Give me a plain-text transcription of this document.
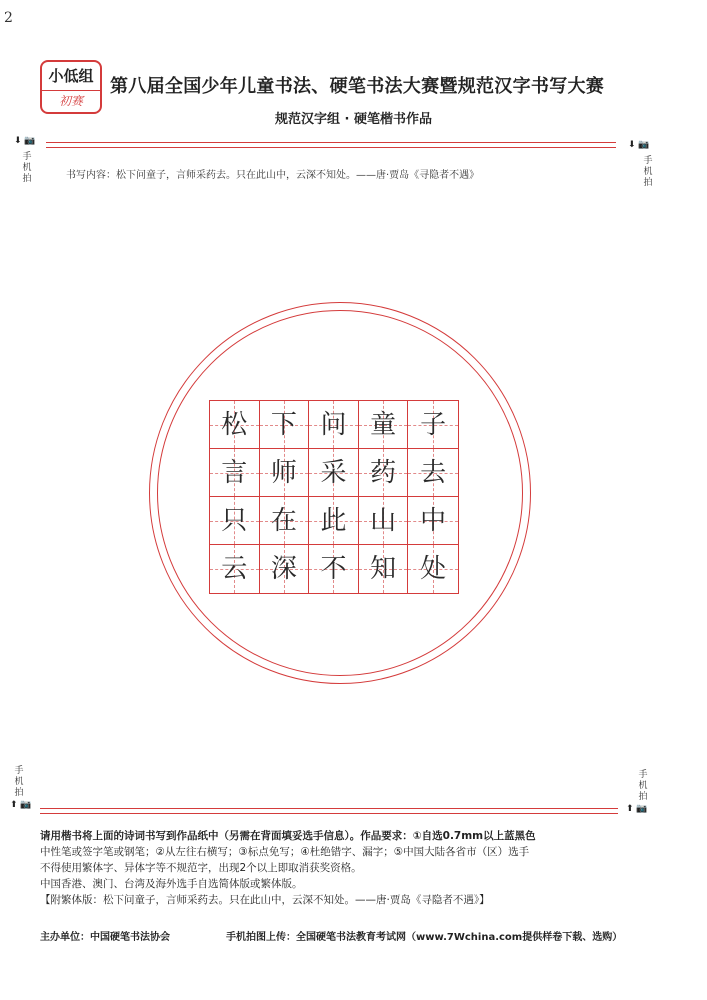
2
小低组
初赛
第八届全国少年儿童书法、硬笔书法大赛暨规范汉字书写大赛
规范汉字组 · 硬笔楷书作品
⬇ 📷
手机拍
⬇ 📷
手机拍
书写内容：松下问童子，言师采药去。只在此山中，云深不知处。——唐·贾岛《寻隐者不遇》
松 下 问 童 子
言 师 采 药 去
只 在 此 山 中
云 深 不 知 处
手机拍
⬆ 📷
手机拍
⬆ 📷
请用楷书将上面的诗词书写到作品纸中（另需在背面填妥选手信息）。作品要求：①自选0.7mm以上蓝黑色
中性笔或签字笔或钢笔；②从左往右横写；③标点免写；④杜绝错字、漏字；⑤中国大陆各省市（区）选手
不得使用繁体字、异体字等不规范字，出现2个以上即取消获奖资格。
中国香港、澳门、台湾及海外选手自选简体版或繁体版。
【附繁体版：松下问童子，言师采药去。只在此山中，云深不知处。——唐·贾岛《寻隐者不遇》】
主办单位：中国硬笔书法协会	手机拍图上传：全国硬笔书法教育考试网（www.7Wchina.com提供样卷下载、选购）
